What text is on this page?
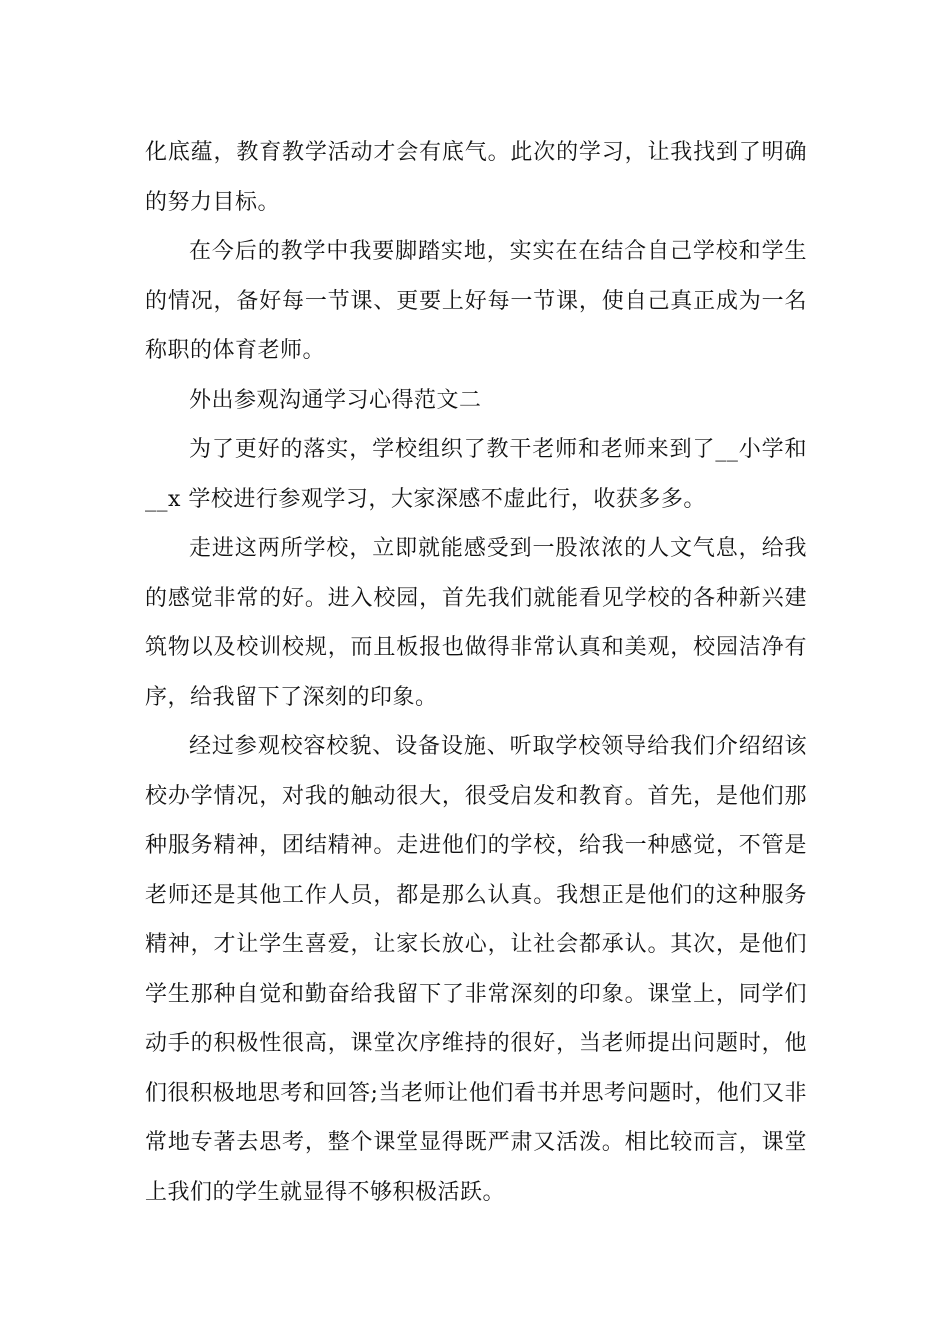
化底蕴，教育教学活动才会有底气。此次的学习，让我找到了明确的努力目标。

在今后的教学中我要脚踏实地，实实在在结合自己学校和学生的情况，备好每一节课、更要上好每一节课，使自己真正成为一名称职的体育老师。

外出参观沟通学习心得范文二

为了更好的落实，学校组织了教干老师和老师来到了__小学和__x 学校进行参观学习，大家深感不虚此行，收获多多。

走进这两所学校，立即就能感受到一股浓浓的人文气息，给我的感觉非常的好。进入校园，首先我们就能看见学校的各种新兴建筑物以及校训校规，而且板报也做得非常认真和美观，校园洁净有序，给我留下了深刻的印象。

经过参观校容校貌、设备设施、听取学校领导给我们介绍绍该校办学情况，对我的触动很大，很受启发和教育。首先，是他们那种服务精神，团结精神。走进他们的学校，给我一种感觉，不管是老师还是其他工作人员，都是那么认真。我想正是他们的这种服务精神，才让学生喜爱，让家长放心，让社会都承认。其次，是他们学生那种自觉和勤奋给我留下了非常深刻的印象。课堂上，同学们动手的积极性很高，课堂次序维持的很好，当老师提出问题时，他们很积极地思考和回答;当老师让他们看书并思考问题时，他们又非常地专著去思考，整个课堂显得既严肃又活泼。相比较而言，课堂上我们的学生就显得不够积极活跃。
